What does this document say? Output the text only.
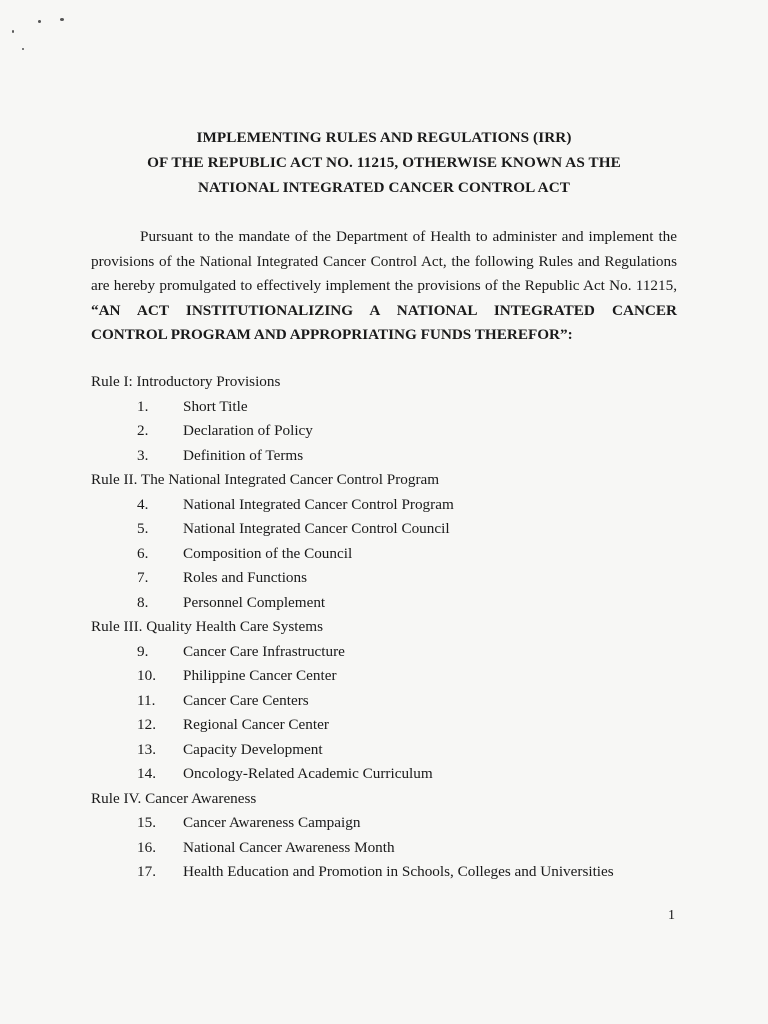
IMPLEMENTING RULES AND REGULATIONS (IRR)
OF THE REPUBLIC ACT NO. 11215, OTHERWISE KNOWN AS THE
NATIONAL INTEGRATED CANCER CONTROL ACT
Pursuant to the mandate of the Department of Health to administer and implement the provisions of the National Integrated Cancer Control Act, the following Rules and Regulations are hereby promulgated to effectively implement the provisions of the Republic Act No. 11215, “AN ACT INSTITUTIONALIZING A NATIONAL INTEGRATED CANCER CONTROL PROGRAM AND APPROPRIATING FUNDS THEREFOR”:
Rule I: Introductory Provisions
1.	Short Title
2.	Declaration of Policy
3.	Definition of Terms
Rule II. The National Integrated Cancer Control Program
4.	National Integrated Cancer Control Program
5.	National Integrated Cancer Control Council
6.	Composition of the Council
7.	Roles and Functions
8.	Personnel Complement
Rule III. Quality Health Care Systems
9.	Cancer Care Infrastructure
10.	Philippine Cancer Center
11.	Cancer Care Centers
12.	Regional Cancer Center
13.	Capacity Development
14.	Oncology-Related Academic Curriculum
Rule IV. Cancer Awareness
15.	Cancer Awareness Campaign
16.	National Cancer Awareness Month
17.	Health Education and Promotion in Schools, Colleges and Universities
1
